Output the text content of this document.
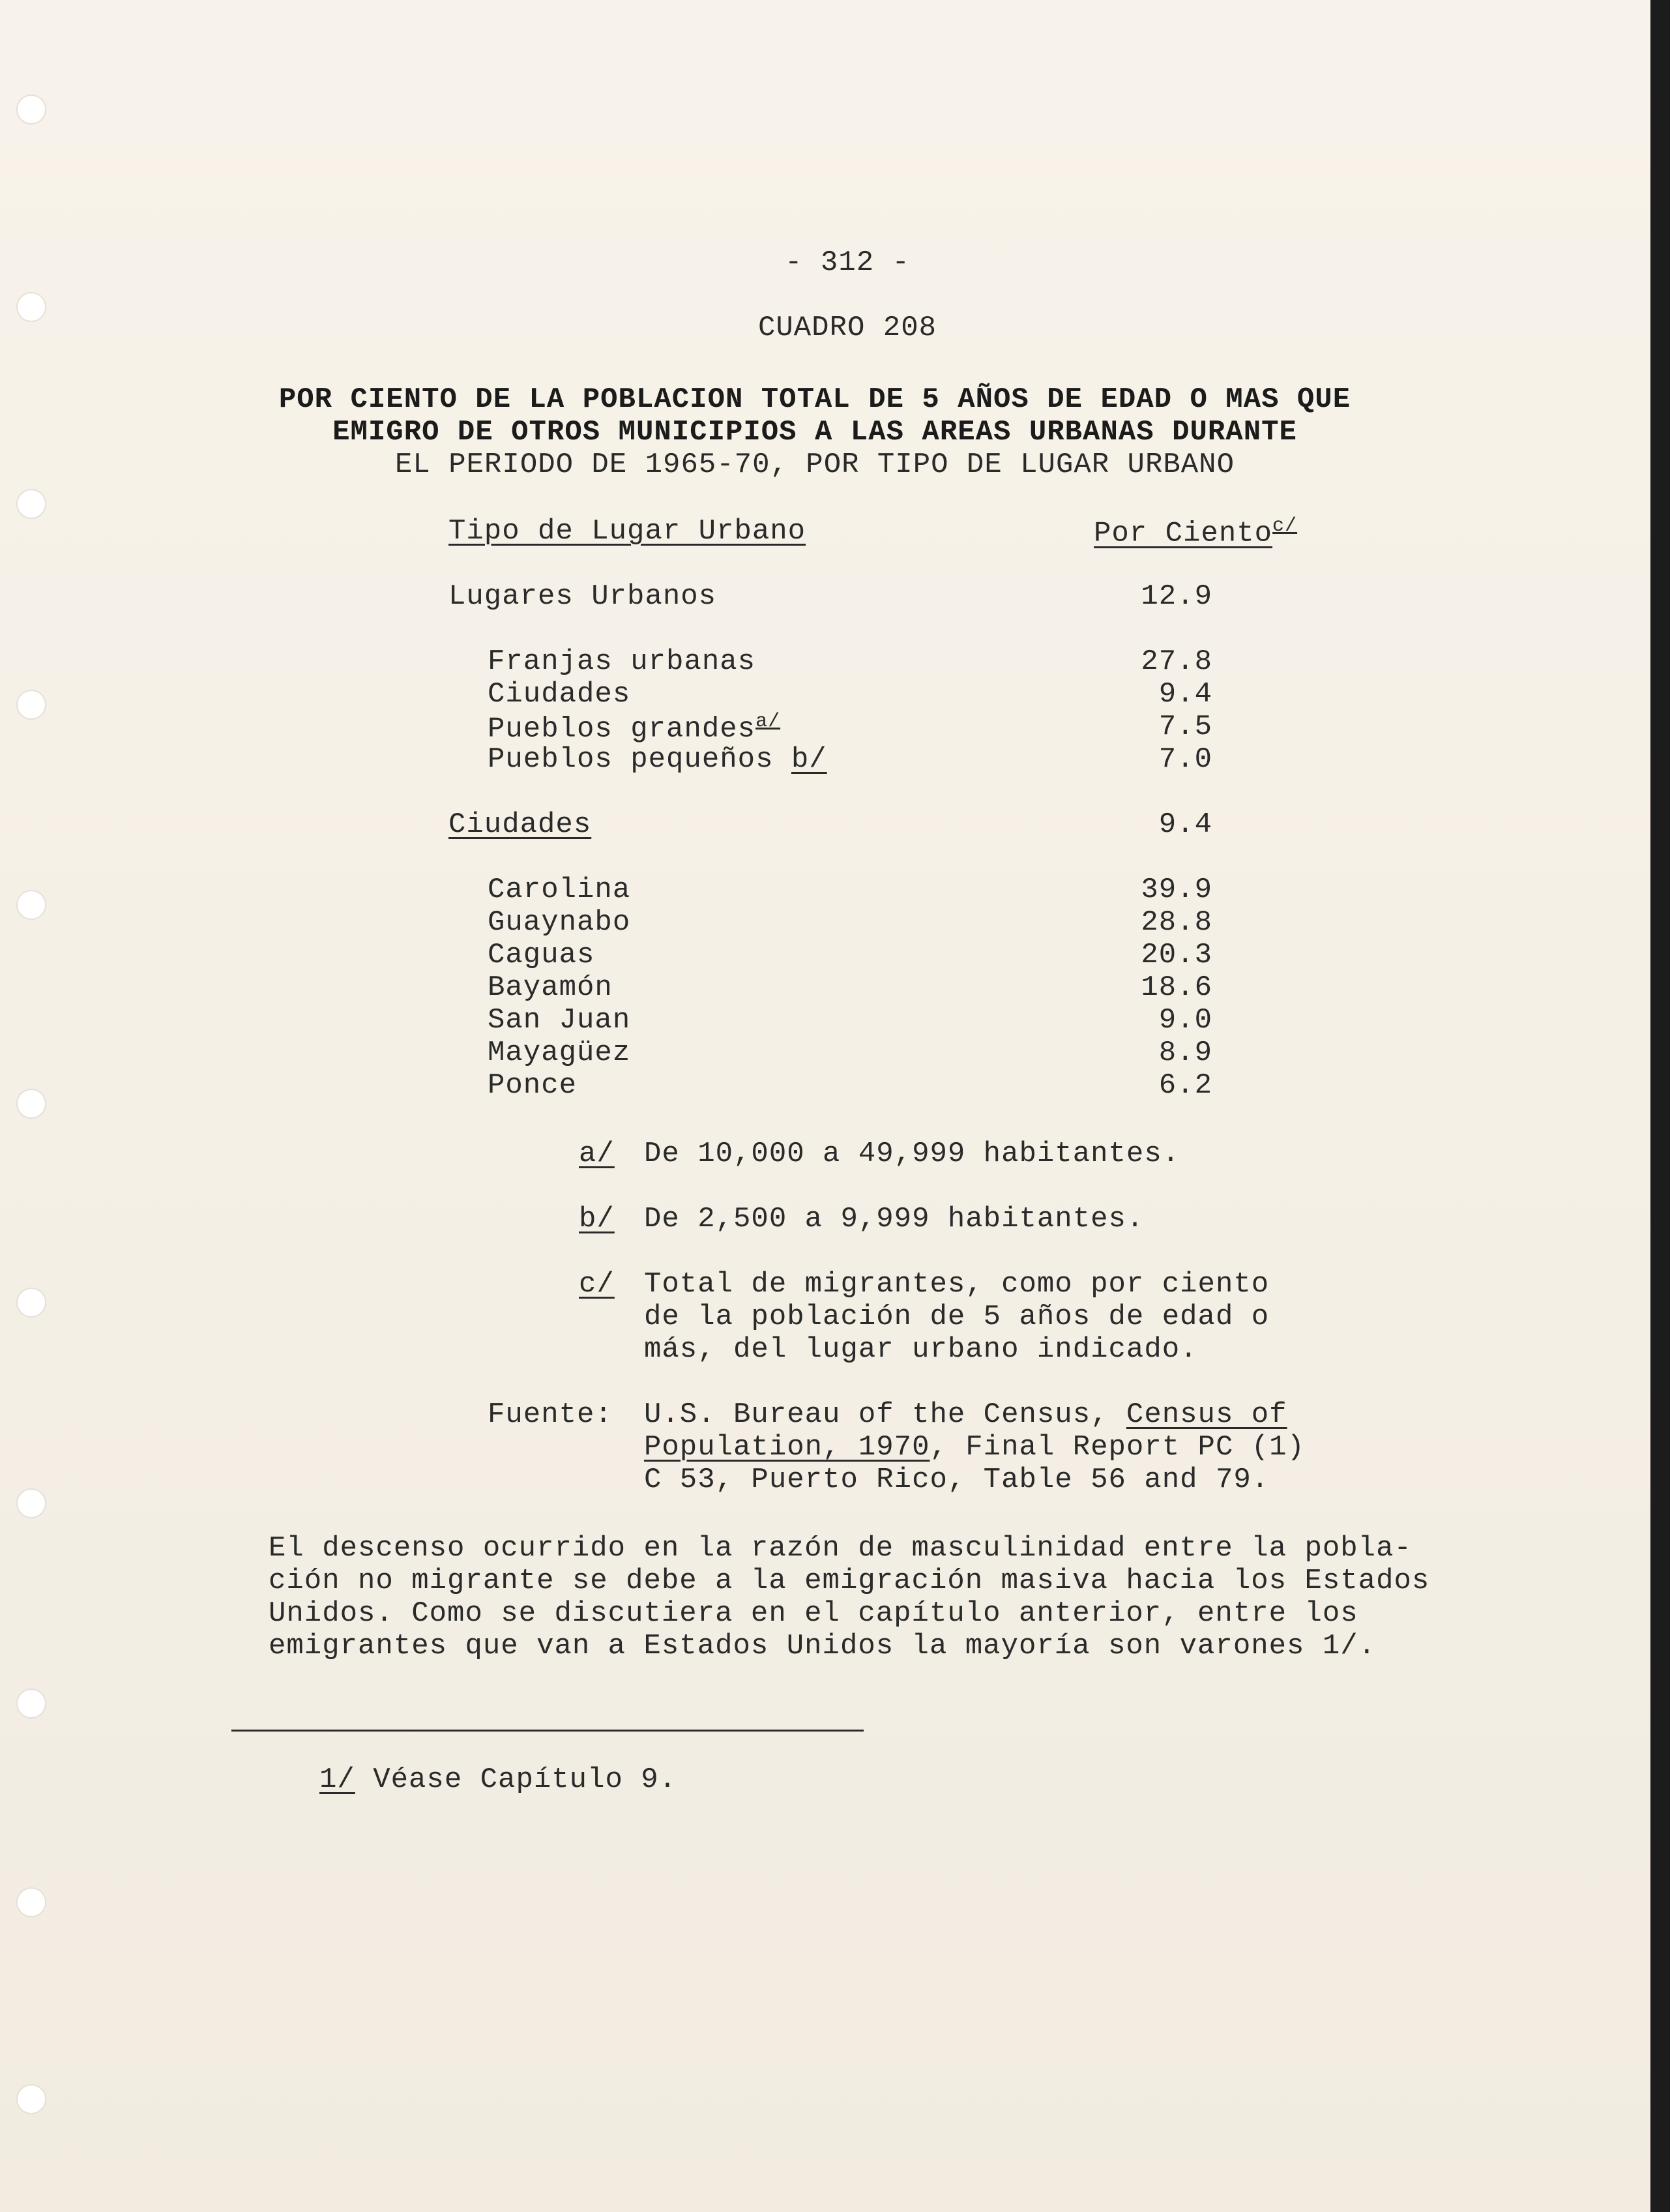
- 312 -
CUADRO 208
POR CIENTO DE LA POBLACION TOTAL DE 5 AÑOS DE EDAD O MAS QUE
EMIGRO DE OTROS MUNICIPIOS A LAS AREAS URBANAS DURANTE
EL PERIODO DE 1965-70, POR TIPO DE LUGAR URBANO
Tipo de Lugar Urbano	Por Ciento$^{c/}$
Lugares Urbanos	12.9
Franjas urbanas	27.8
Ciudades	9.4
Pueblos grandes$^{a/}$	7.5
Pueblos pequeños b/	7.0
Ciudades	9.4
Carolina	39.9
Guaynabo	28.8
Caguas	20.3
Bayamón	18.6
San Juan	9.0
Mayagüez	8.9
Ponce	6.2
a/ De 10,000 a 49,999 habitantes.
b/ De 2,500 a 9,999 habitantes.
c/ Total de migrantes, como por ciento
de la población de 5 años de edad o
más, del lugar urbano indicado.
Fuente: U.S. Bureau of the Census, Census of
Population, 1970, Final Report PC (1)
C 53, Puerto Rico, Table 56 and 79.
El descenso ocurrido en la razón de masculinidad entre la pobla-
ción no migrante se debe a la emigración masiva hacia los Estados
Unidos. Como se discutiera en el capítulo anterior, entre los
emigrantes que van a Estados Unidos la mayoría son varones 1/.
1/ Véase Capítulo 9.
